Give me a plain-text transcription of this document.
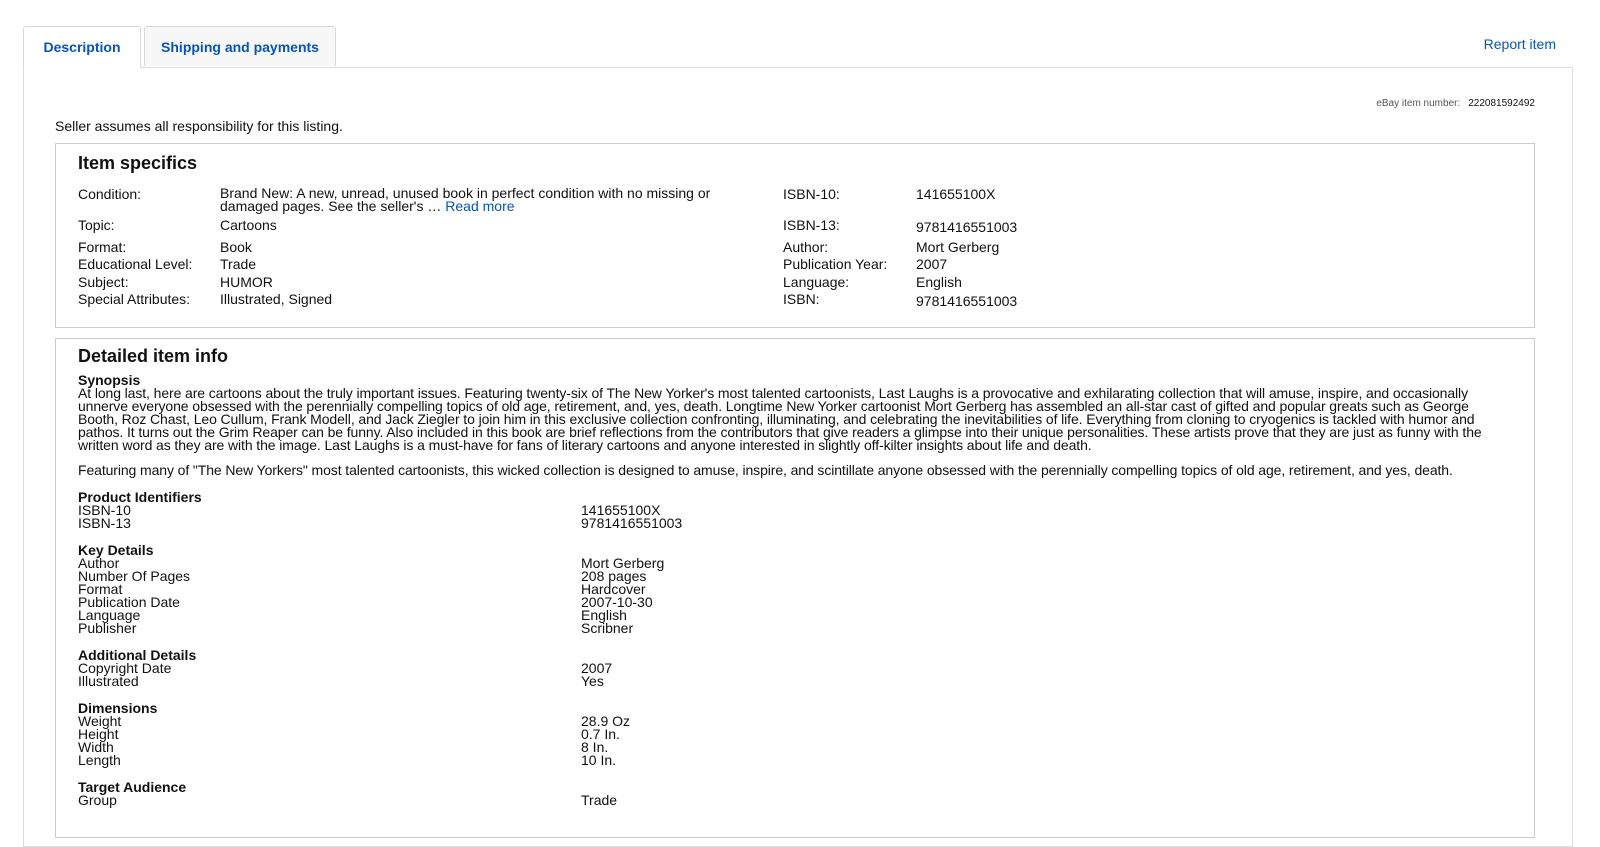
Description	Shipping and payments	Report item
eBay item number: 222081592492
Seller assumes all responsibility for this listing.
Item specifics
Condition:	Brand New: A new, unread, unused book in perfect condition with no missing or damaged pages. See the seller's … Read more
Topic:	Cartoons
Format:	Book
Educational Level: Trade
Subject:	HUMOR
Special Attributes: Illustrated, Signed
ISBN-10:	141655100X
ISBN-13:	9781416551003
Author:	Mort Gerberg
Publication Year: 2007
Language:	English
ISBN:	9781416551003
Detailed item info
Synopsis
At long last, here are cartoons about the truly important issues. Featuring twenty-six of The New Yorker's most talented cartoonists, Last Laughs is a provocative and exhilarating collection that will amuse, inspire, and occasionally
unnerve everyone obsessed with the perennially compelling topics of old age, retirement, and, yes, death. Longtime New Yorker cartoonist Mort Gerberg has assembled an all-star cast of gifted and popular greats such as George
Booth, Roz Chast, Leo Cullum, Frank Modell, and Jack Ziegler to join him in this exclusive collection confronting, illuminating, and celebrating the inevitabilities of life. Everything from cloning to cryogenics is tackled with humor and
pathos. It turns out the Grim Reaper can be funny. Also included in this book are brief reflections from the contributors that give readers a glimpse into their unique personalities. These artists prove that they are just as funny with the
written word as they are with the image. Last Laughs is a must-have for fans of literary cartoons and anyone interested in slightly off-kilter insights about life and death.
Featuring many of "The New Yorkers" most talented cartoonists, this wicked collection is designed to amuse, inspire, and scintillate anyone obsessed with the perennially compelling topics of old age, retirement, and yes, death.
Product Identifiers
ISBN-10	141655100X
ISBN-13	9781416551003
Key Details
Author	Mort Gerberg
Number Of Pages	208 pages
Format	Hardcover
Publication Date	2007-10-30
Language	English
Publisher	Scribner
Additional Details
Copyright Date	2007
Illustrated	Yes
Dimensions
Weight	28.9 Oz
Height	0.7 In.
Width	8 In.
Length	10 In.
Target Audience
Group	Trade
